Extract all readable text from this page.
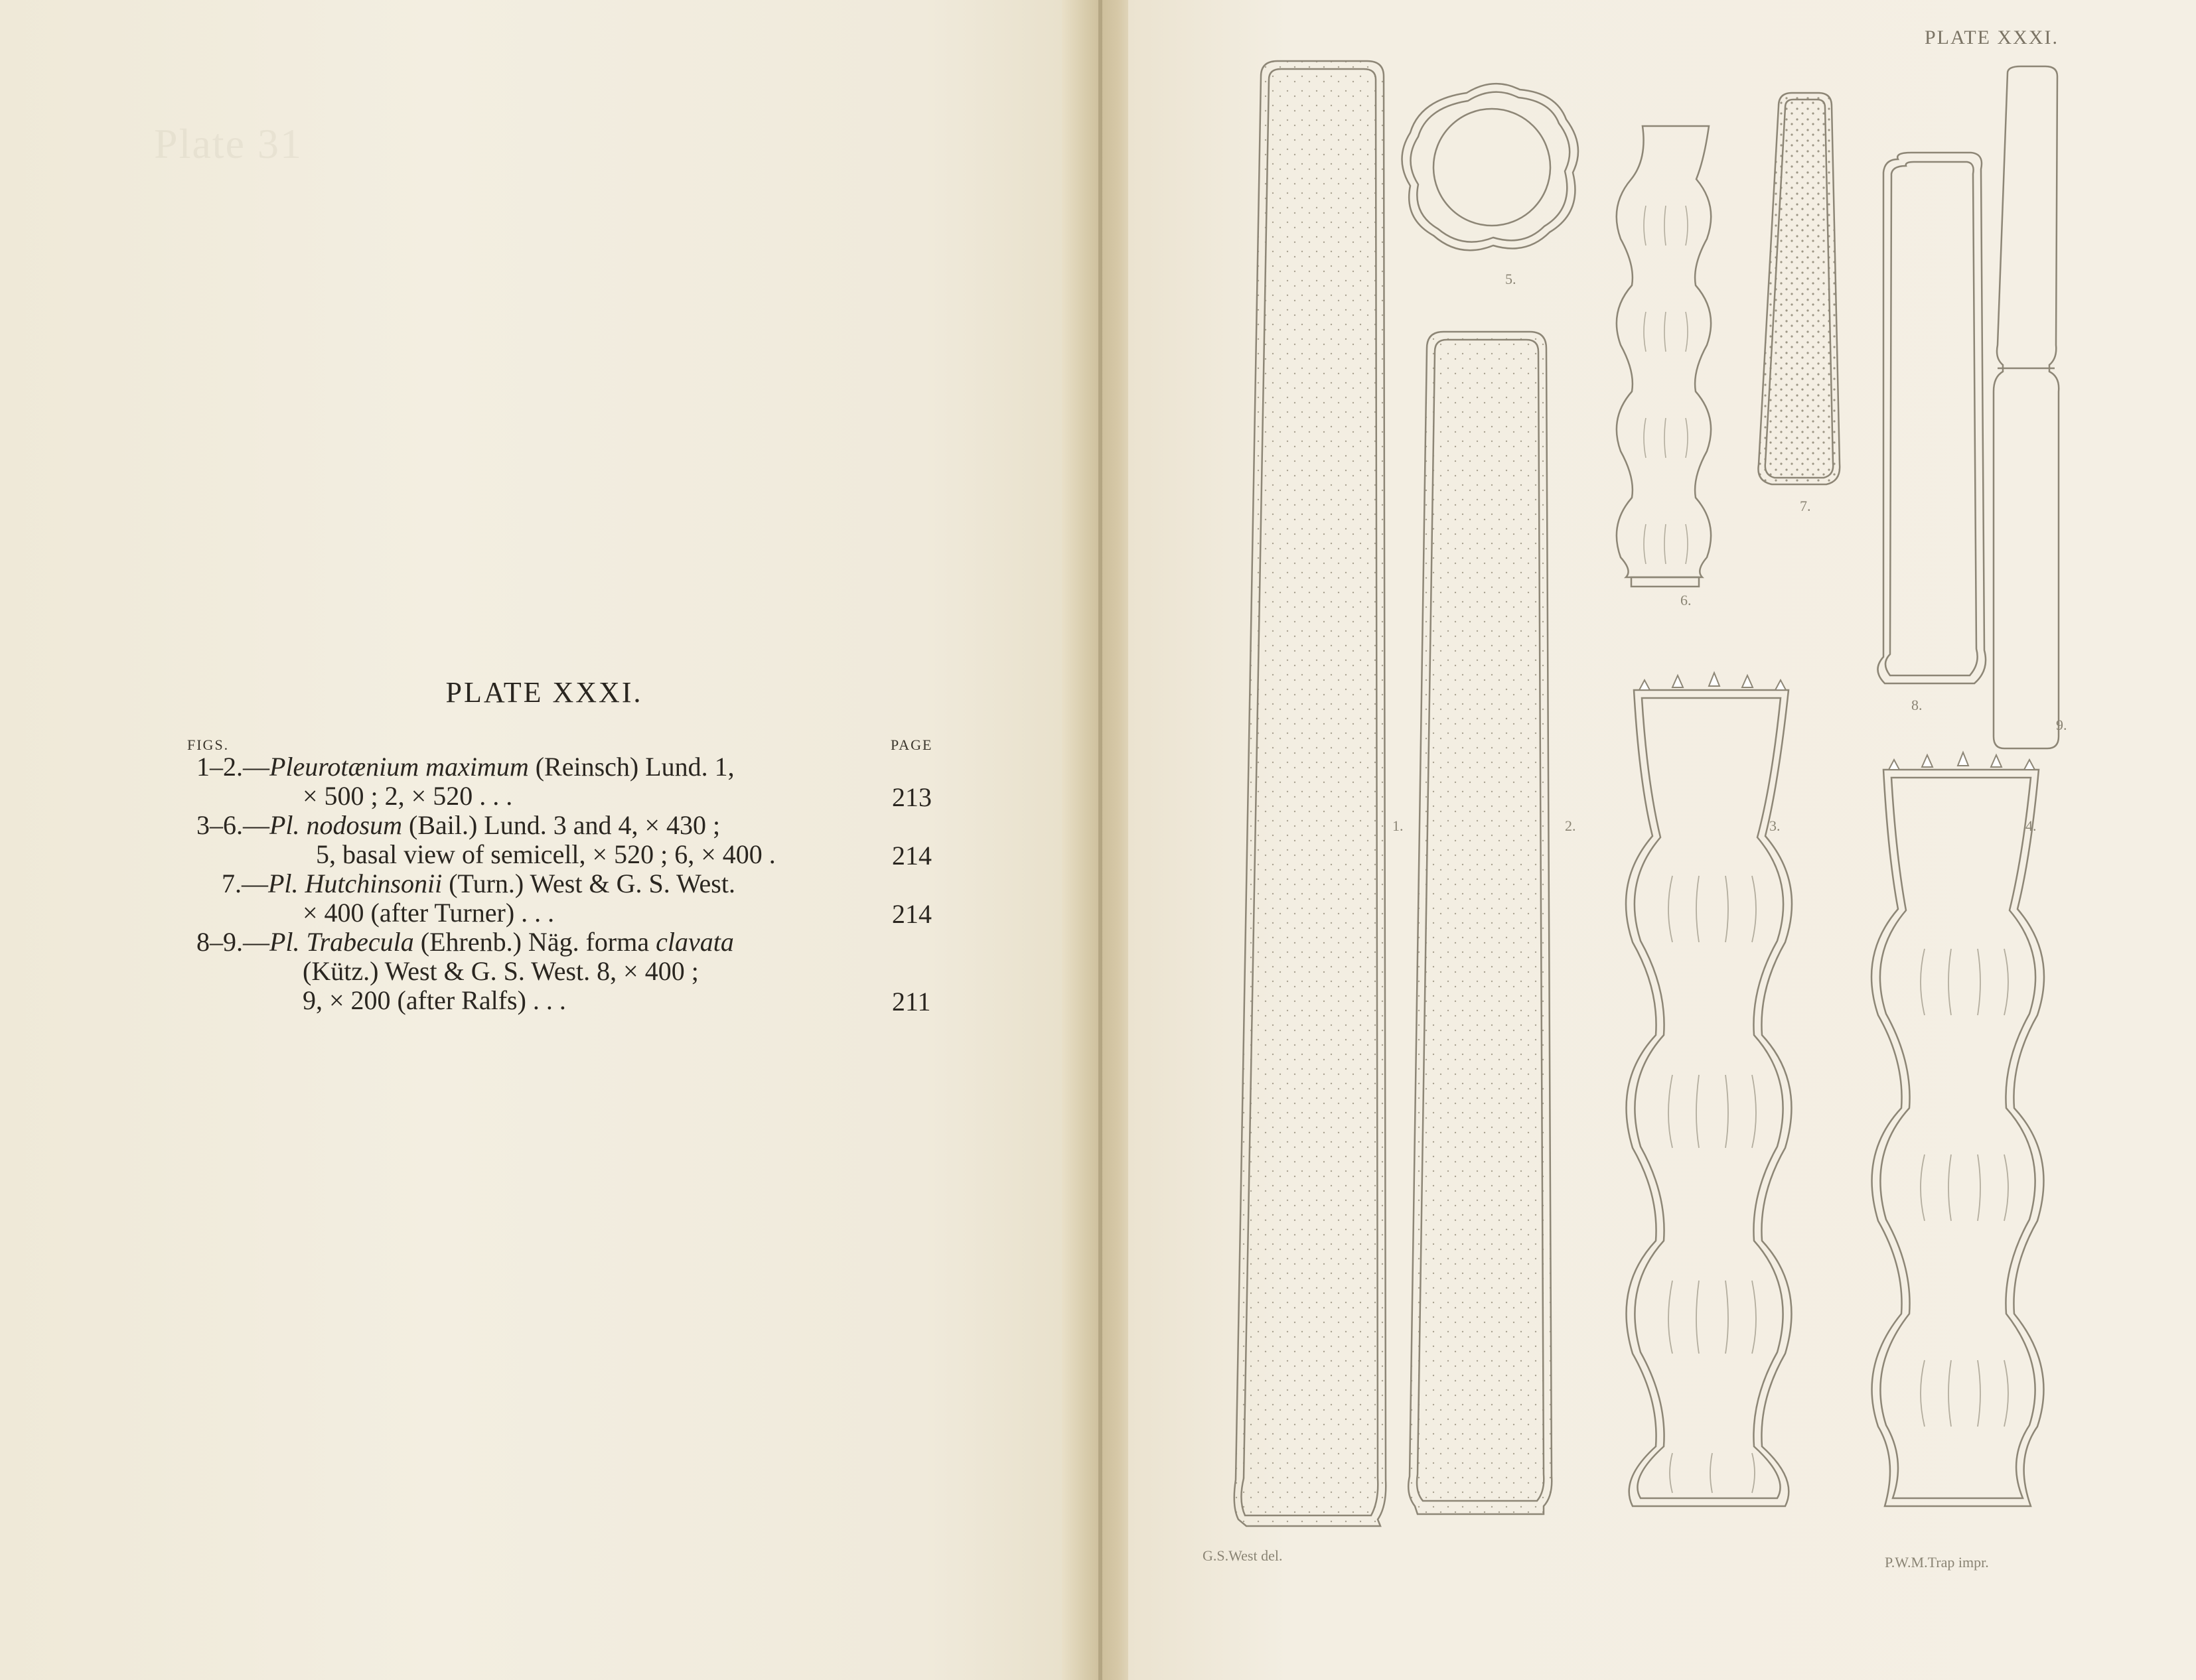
Plate 31
PLATE XXXI.
FIGS.	PAGE
1–2.—Pleurotænium maximum (Reinsch) Lund. 1,
× 500 ; 2, × 520 . . .	213
3–6.—Pl. nodosum (Bail.) Lund. 3 and 4, × 430 ;
5, basal view of semicell, × 520 ; 6, × 400 .	214
7.—Pl. Hutchinsonii (Turn.) West & G. S. West.
× 400 (after Turner) . . .	214
8–9.—Pl. Trabecula (Ehrenb.) Näg. forma clavata
(Kütz.) West & G. S. West. 8, × 400 ;
9, × 200 (after Ralfs) . . .	211
PLATE XXXI.
1.	2.	3.	4.
5.
6.
7.
8.
9.
G.S.West del.	P.W.M.Trap impr.
